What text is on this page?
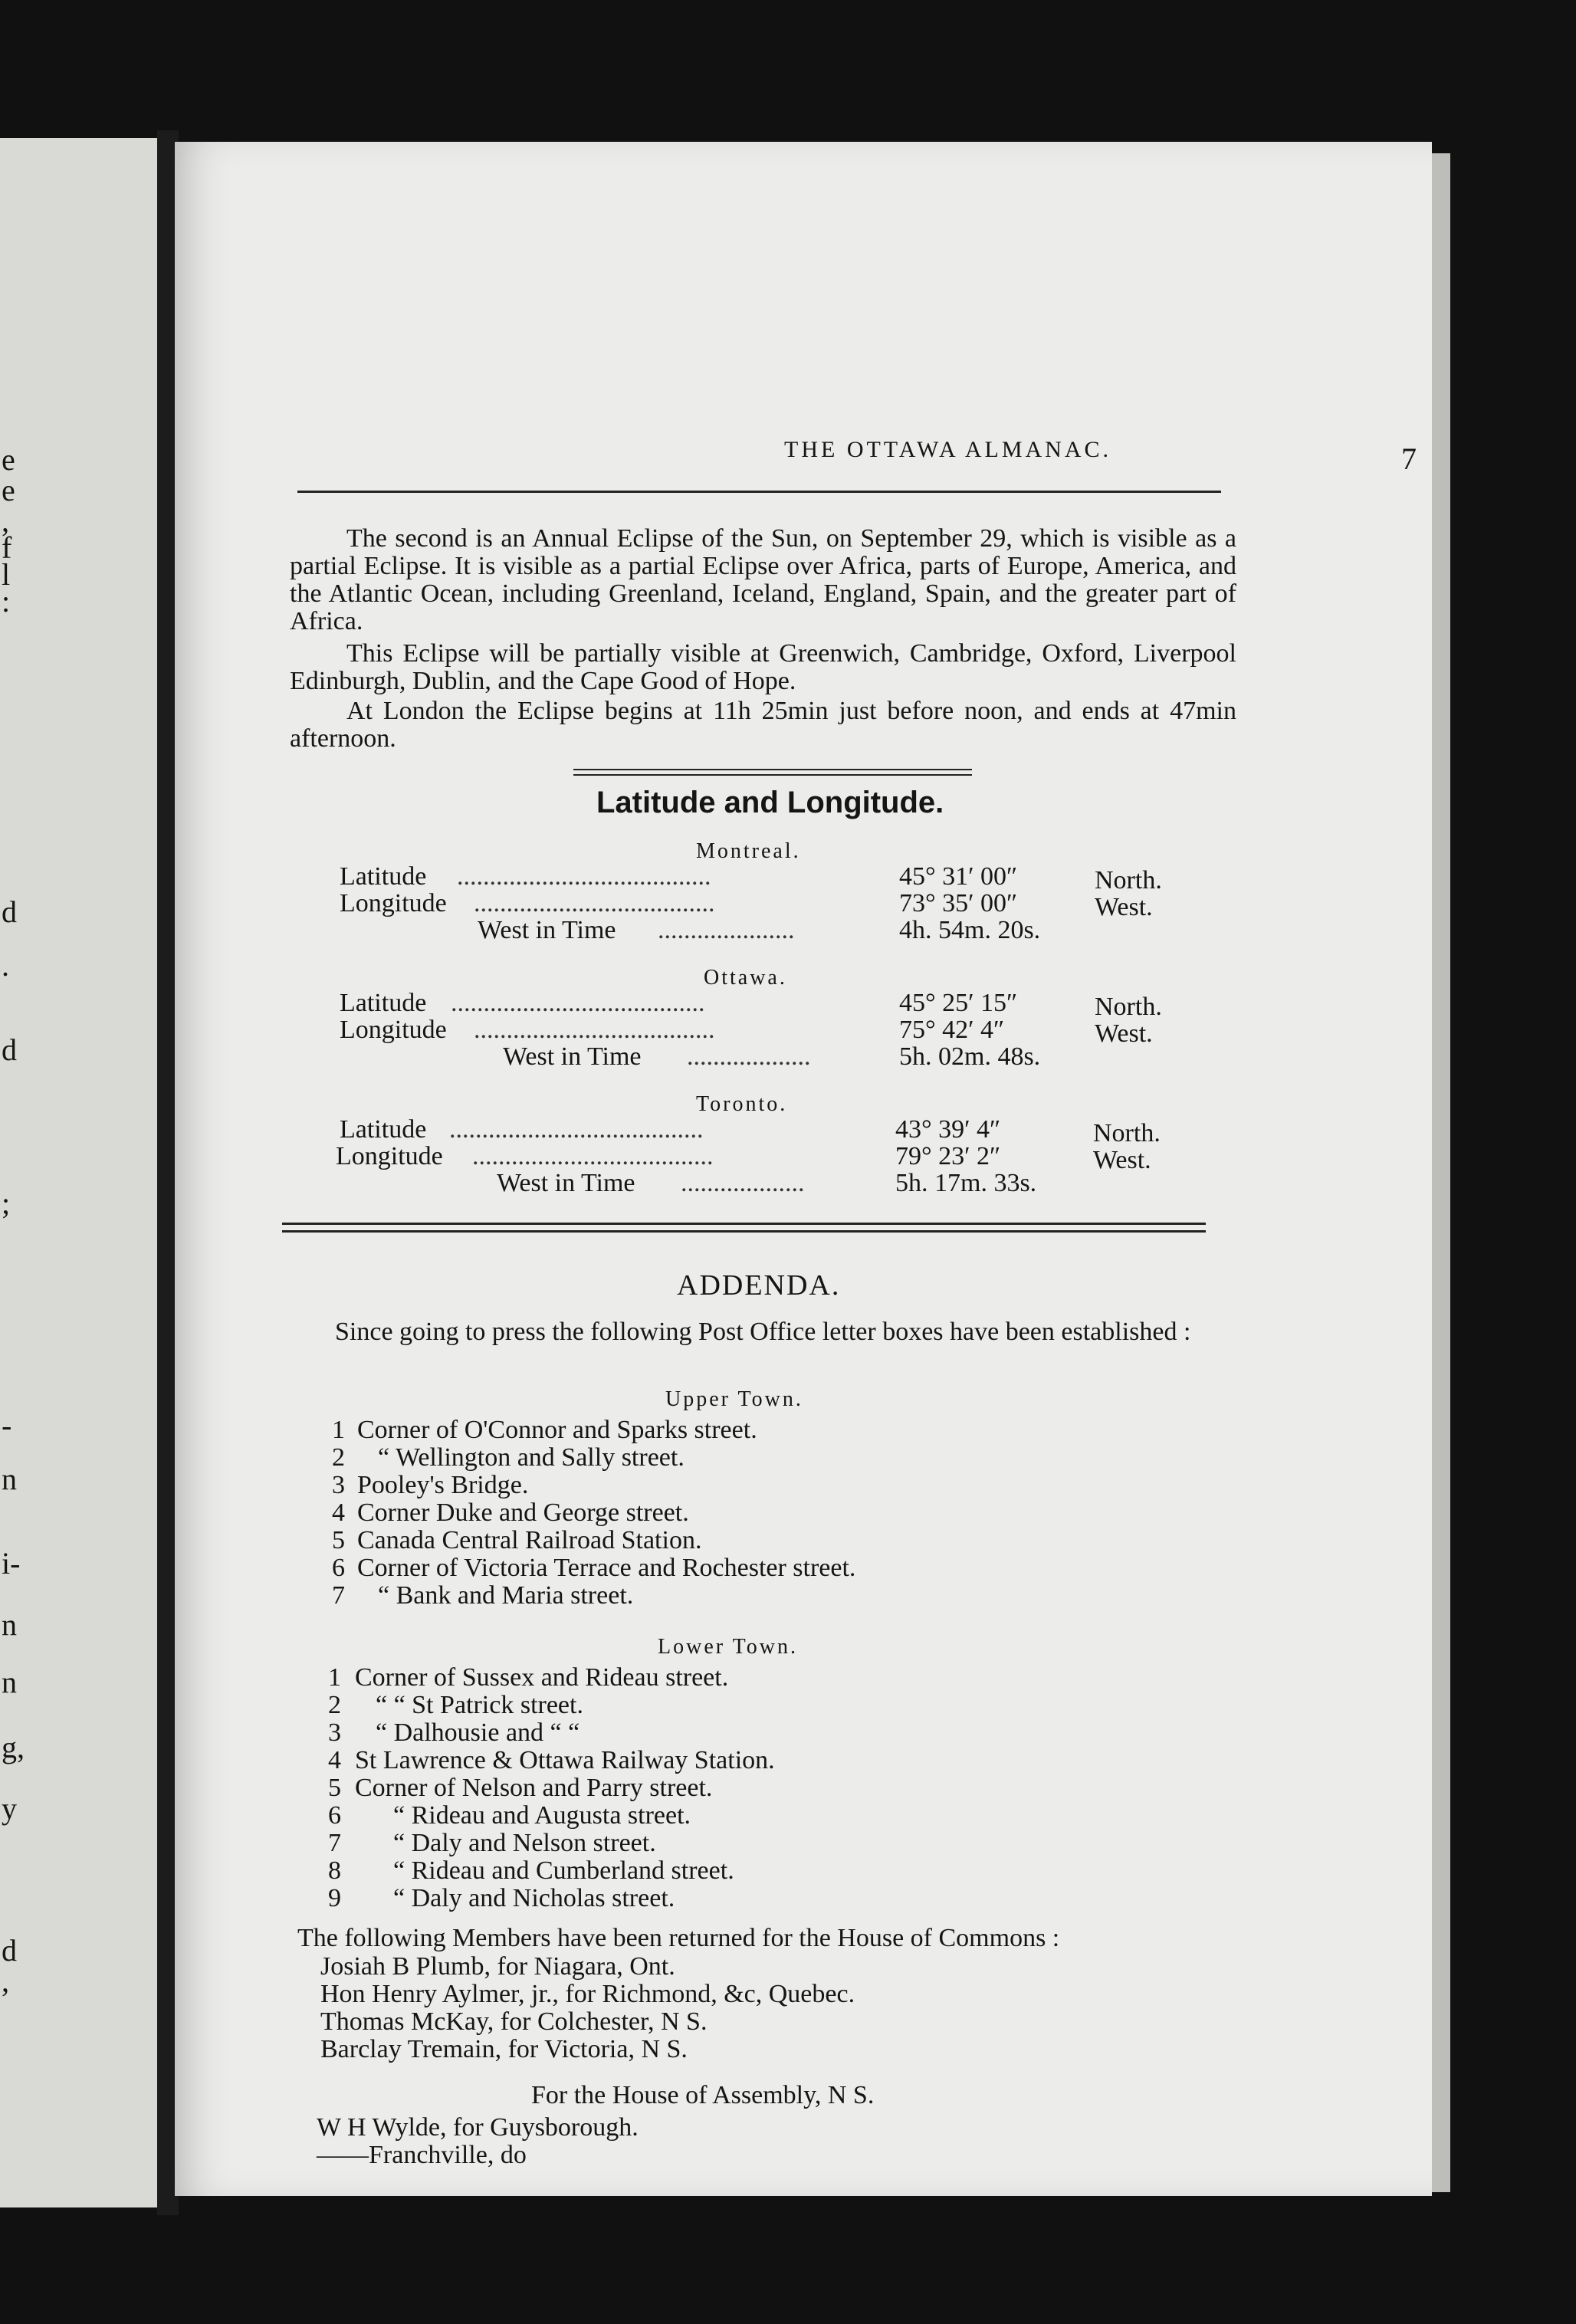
e
e
,
f
l
:
d
.
d
;
-
n
i-
n
n
g,
y
d
,
THE OTTAWA ALMANAC.	7
The second is an Annual Eclipse of the Sun, on September 29, which is visible as a partial Eclipse. It is visible as a partial Eclipse over Africa, parts of Europe, America, and the Atlantic Ocean, including Greenland, Iceland, England, Spain, and the greater part of Africa.
This Eclipse will be partially visible at Greenwich, Cambridge, Oxford, Liverpool Edinburgh, Dublin, and the Cape Good of Hope.
At London the Eclipse begins at 11h 25min just before noon, and ends at 47min afternoon.
Latitude and Longitude.
Montreal.
Latitude .......................................	45° 31′ 00″	North.
Longitude .....................................	73° 35′ 00″	West.
West in Time .....................	4h. 54m. 20s.
Ottawa.
Latitude .......................................	45° 25′ 15″	North.
Longitude .....................................	75° 42′ 4″	West.
West in Time ...................	5h. 02m. 48s.
Toronto.
Latitude .......................................	43° 39′ 4″	North.
Longitude .....................................	79° 23′ 2″	West.
West in Time ...................	5h. 17m. 33s.
ADDENDA.
Since going to press the following Post Office letter boxes have been established :
Upper Town.
1 Corner of O'Connor and Sparks street.
2 “ Wellington and Sally street.
3 Pooley's Bridge.
4 Corner Duke and George street.
5 Canada Central Railroad Station.
6 Corner of Victoria Terrace and Rochester street.
7 “ Bank and Maria street.
Lower Town.
1 Corner of Sussex and Rideau street.
2 “ “ St Patrick street.
3 “ Dalhousie and “ “
4 St Lawrence & Ottawa Railway Station.
5 Corner of Nelson and Parry street.
6 “ Rideau and Augusta street.
7 “ Daly and Nelson street.
8 “ Rideau and Cumberland street.
9 “ Daly and Nicholas street.
The following Members have been returned for the House of Commons :
Josiah B Plumb, for Niagara, Ont.
Hon Henry Aylmer, jr., for Richmond, &c, Quebec.
Thomas McKay, for Colchester, N S.
Barclay Tremain, for Victoria, N S.
For the House of Assembly, N S.
W H Wylde, for Guysborough.
——Franchville, do
